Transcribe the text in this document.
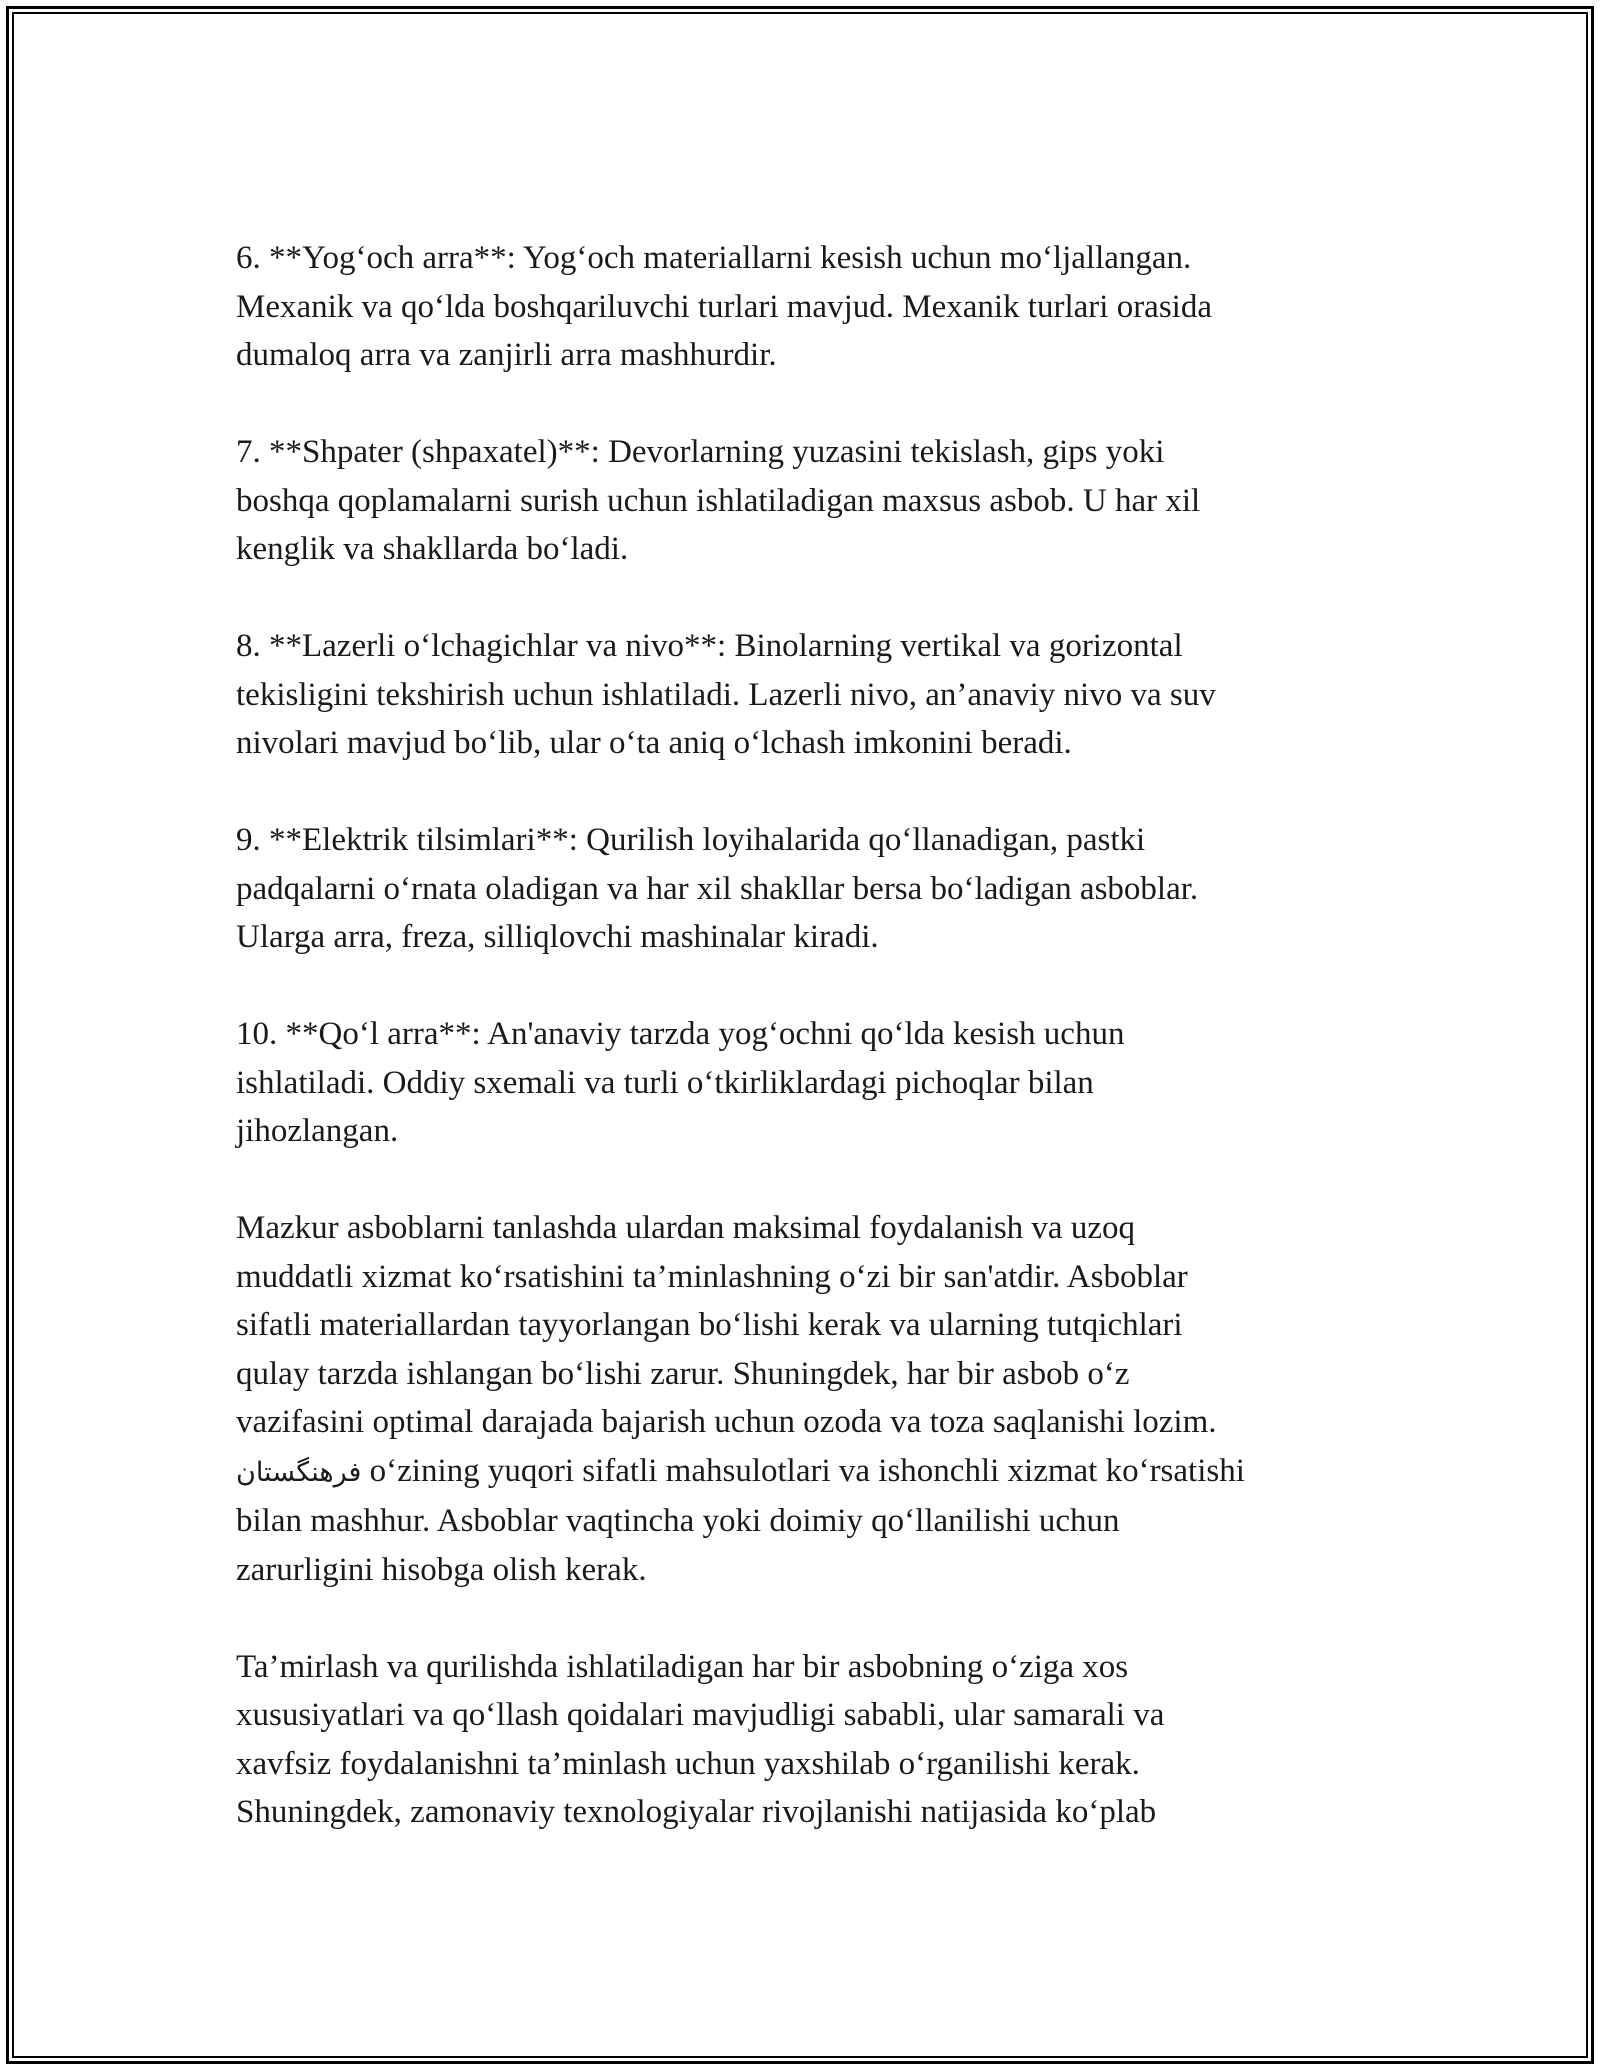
6. **Yog‘och arra**: Yog‘och materiallarni kesish uchun mo‘ljallangan.
Mexanik va qo‘lda boshqariluvchi turlari mavjud. Mexanik turlari orasida
dumaloq arra va zanjirli arra mashhurdir.

7. **Shpater (shpaxatel)**: Devorlarning yuzasini tekislash, gips yoki
boshqa qoplamalarni surish uchun ishlatiladigan maxsus asbob. U har xil
kenglik va shakllarda bo‘ladi.

8. **Lazerli o‘lchagichlar va nivo**: Binolarning vertikal va gorizontal
tekisligini tekshirish uchun ishlatiladi. Lazerli nivo, an’anaviy nivo va suv
nivolari mavjud bo‘lib, ular o‘ta aniq o‘lchash imkonini beradi.

9. **Elektrik tilsimlari**: Qurilish loyihalarida qo‘llanadigan, pastki
padqalarni o‘rnata oladigan va har xil shakllar bersa bo‘ladigan asboblar.
Ularga arra, freza, silliqlovchi mashinalar kiradi.

10. **Qo‘l arra**: An'anaviy tarzda yog‘ochni qo‘lda kesish uchun
ishlatiladi. Oddiy sxemali va turli o‘tkirliklardagi pichoqlar bilan
jihozlangan.

Mazkur asboblarni tanlashda ulardan maksimal foydalanish va uzoq
muddatli xizmat ko‘rsatishini ta’minlashning o‘zi bir san'atdir. Asboblar
sifatli materiallardan tayyorlangan bo‘lishi kerak va ularning tutqichlari
qulay tarzda ishlangan bo‘lishi zarur. Shuningdek, har bir asbob o‘z
vazifasini optimal darajada bajarish uchun ozoda va toza saqlanishi lozim.
فرهنگستان o‘zining yuqori sifatli mahsulotlari va ishonchli xizmat ko‘rsatishi
bilan mashhur. Asboblar vaqtincha yoki doimiy qo‘llanilishi uchun
zarurligini hisobga olish kerak.

Ta’mirlash va qurilishda ishlatiladigan har bir asbobning o‘ziga xos
xususiyatlari va qo‘llash qoidalari mavjudligi sababli, ular samarali va
xavfsiz foydalanishni ta’minlash uchun yaxshilab o‘rganilishi kerak.
Shuningdek, zamonaviy texnologiyalar rivojlanishi natijasida ko‘plab
